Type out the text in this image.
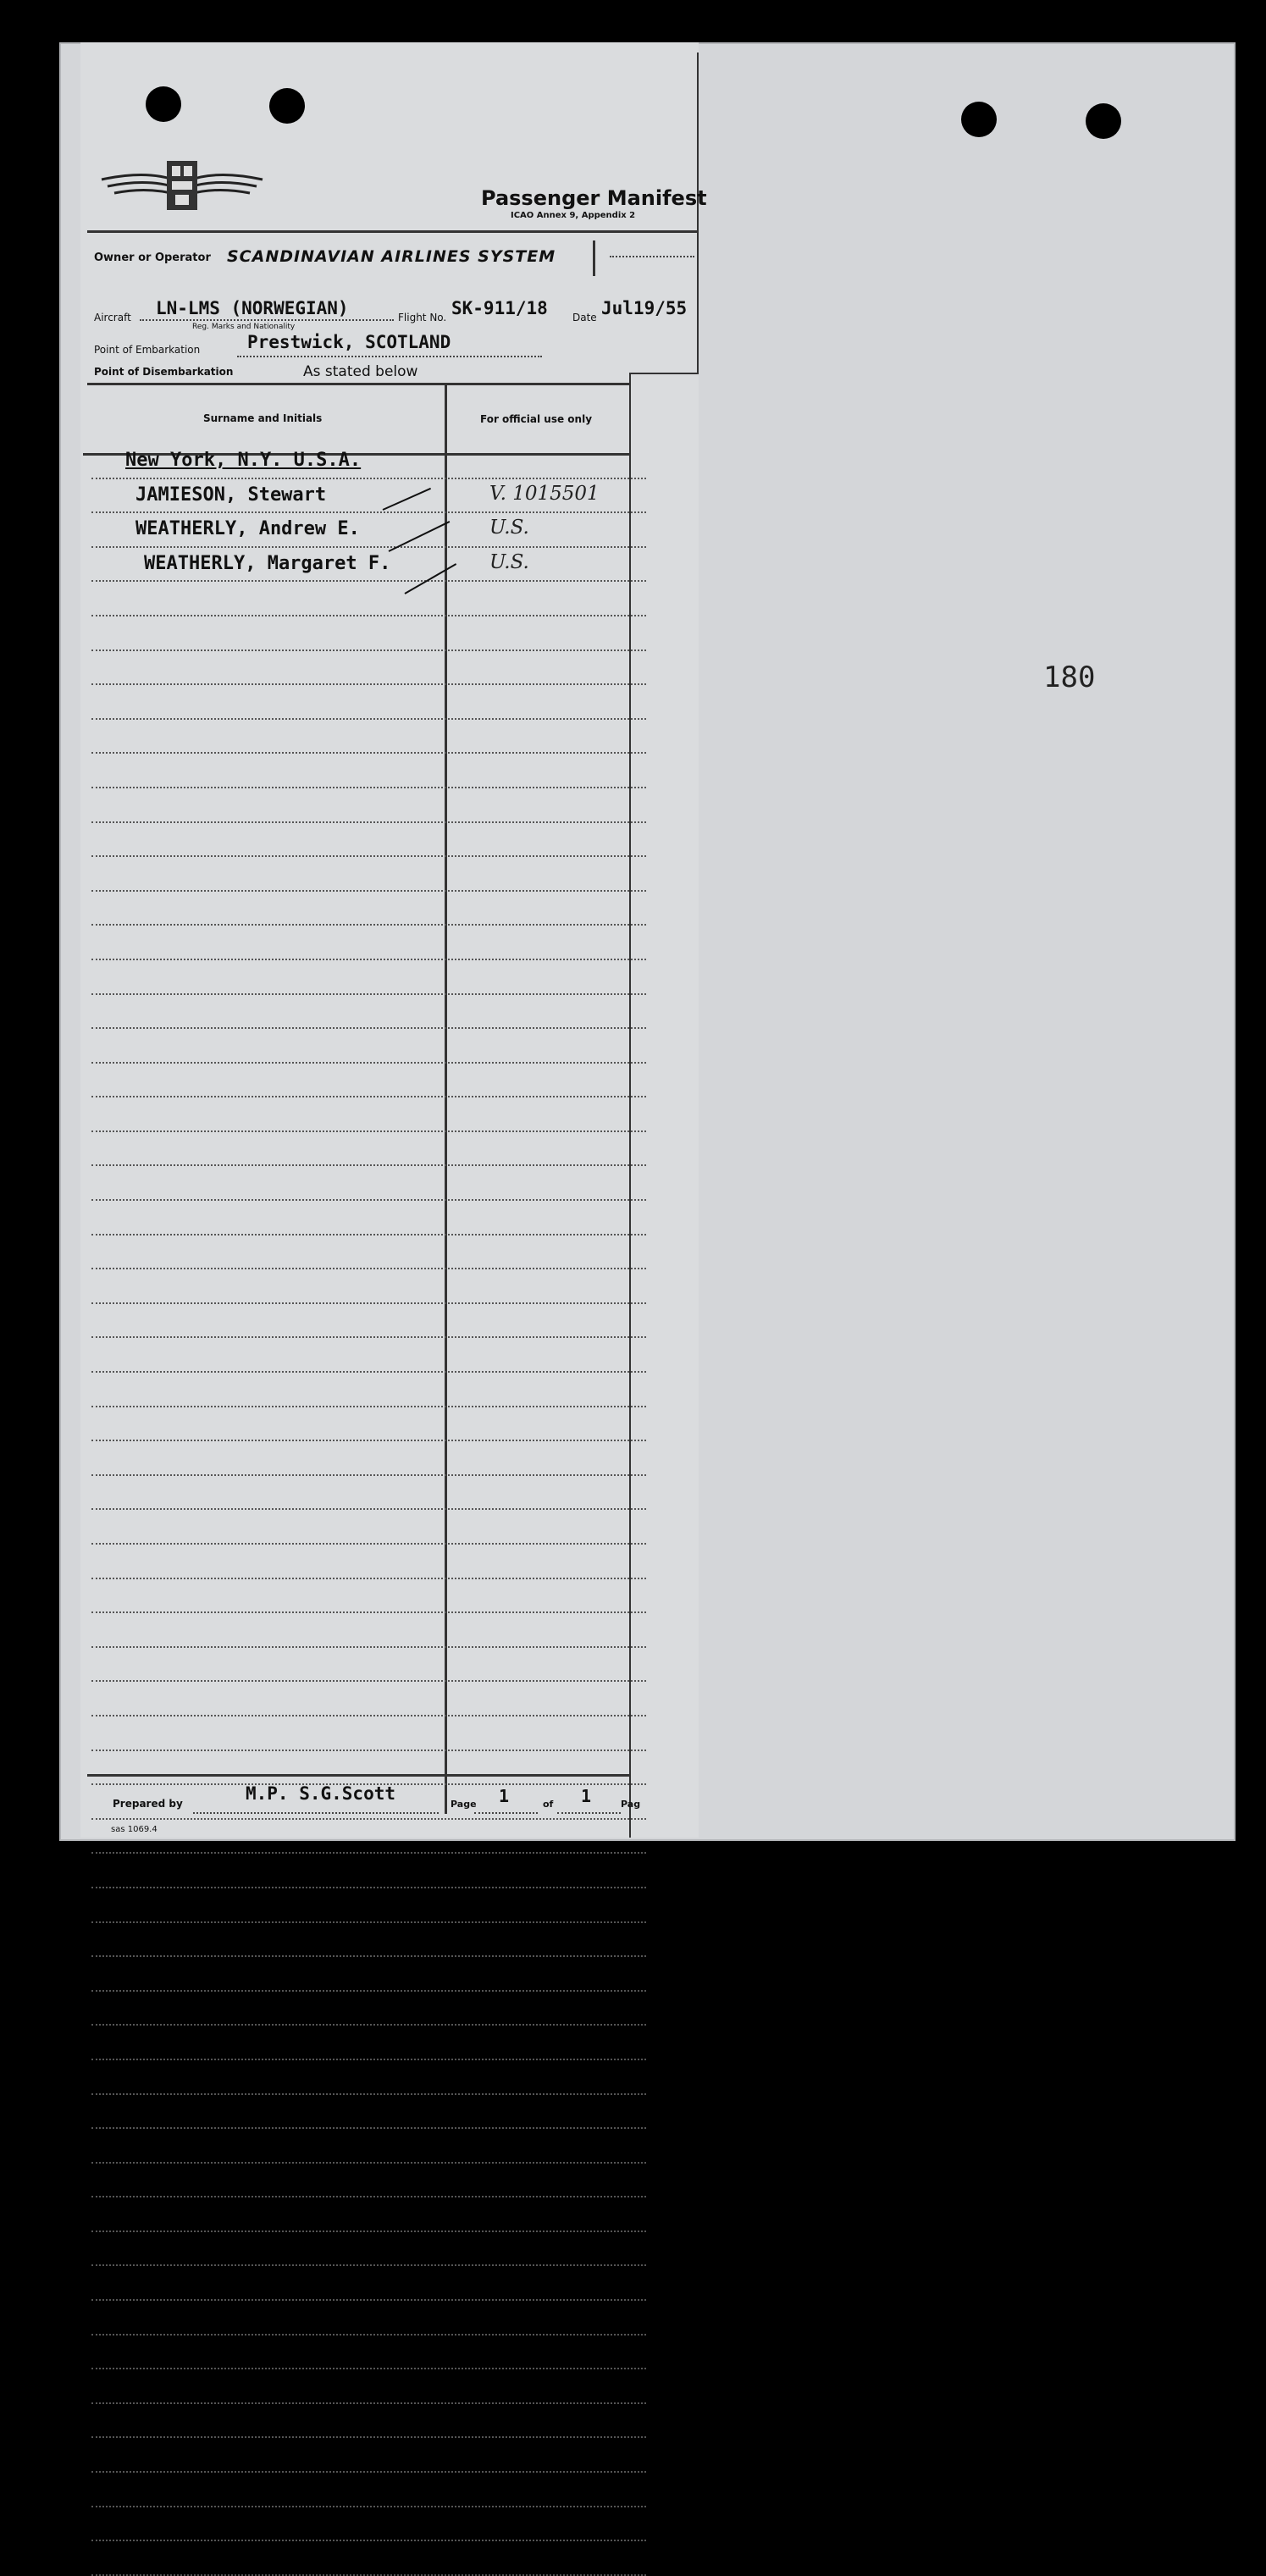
Passenger Manifest
ICAO Annex 9, Appendix 2
Owner or Operator SCANDINAVIAN AIRLINES SYSTEM
Aircraft LN-LMS (NORWEGIAN)
Reg. Marks and Nationality
Flight No. SK-911/18 Date Jul19/55
Point of Embarkation	Prestwick, SCOTLAND
Point of Disembarkation	As stated below
Surname and Initials	For official use only
New York, N.Y. U.S.A.
JAMIESON, Stewart	V. 1015501
WEATHERLY, Andrew E.	U.S.
WEATHERLY, Margaret F.	U.S.
Prepared by	M.P. S.G.Scott
Page 1	of 1	Pag
sas 1069.4
180
